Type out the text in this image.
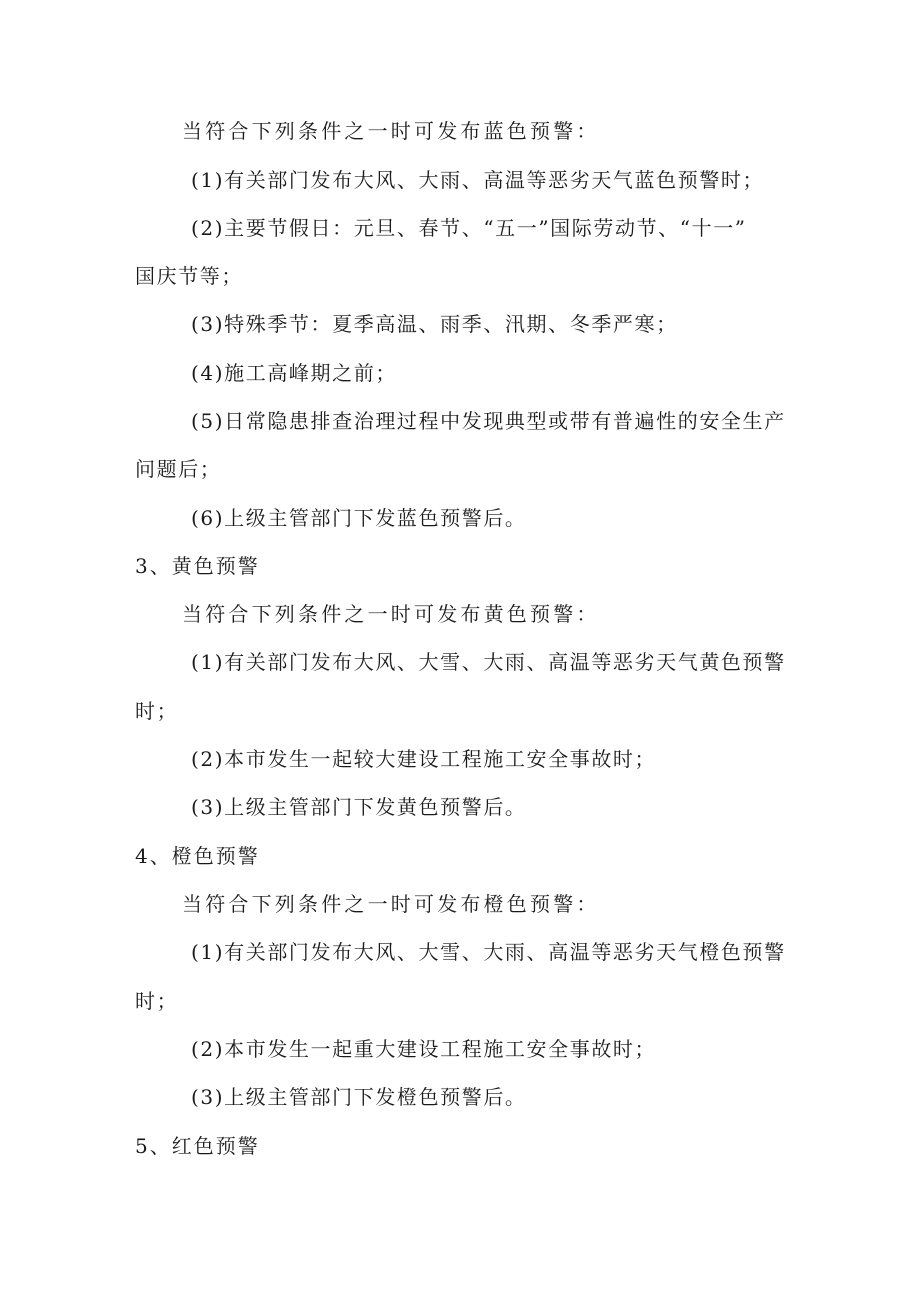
当符合下列条件之一时可发布蓝色预警：

(1)有关部门发布大风、大雨、高温等恶劣天气蓝色预警时；

(2)主要节假日：元旦、春节、“五一”国际劳动节、“十一”

国庆节等；

(3)特殊季节：夏季高温、雨季、汛期、冬季严寒；

(4)施工高峰期之前；

(5)日常隐患排查治理过程中发现典型或带有普遍性的安全生产

问题后；

(6)上级主管部门下发蓝色预警后。

3、黄色预警

当符合下列条件之一时可发布黄色预警：

(1)有关部门发布大风、大雪、大雨、高温等恶劣天气黄色预警

时；

(2)本市发生一起较大建设工程施工安全事故时；

(3)上级主管部门下发黄色预警后。

4、橙色预警

当符合下列条件之一时可发布橙色预警：

(1)有关部门发布大风、大雪、大雨、高温等恶劣天气橙色预警

时；

(2)本市发生一起重大建设工程施工安全事故时；

(3)上级主管部门下发橙色预警后。

5、红色预警
